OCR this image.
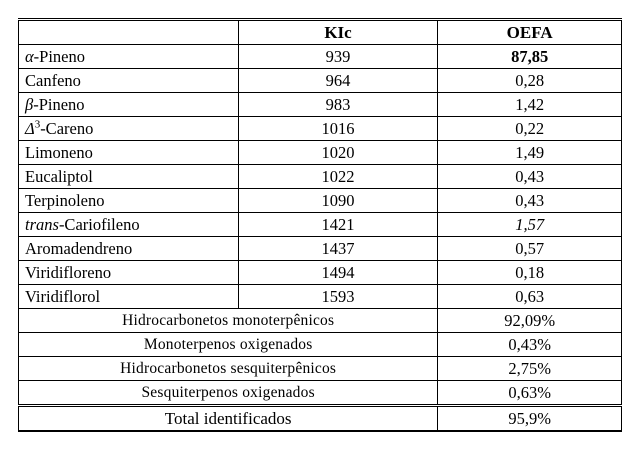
	KIc	OEFA
α-Pineno	939	87,85
Canfeno	964	0,28
β-Pineno	983	1,42
$\Delta^3$-Careno	1016	0,22
Limoneno	1020	1,49
Eucaliptol	1022	0,43
Terpinoleno	1090	0,43
trans-Cariofileno	1421	1,57
Aromadendreno	1437	0,57
Viridifloreno	1494	0,18
Viridiflorol	1593	0,63
Hidrocarbonetos monoterpênicos		92,09%
Monoterpenos oxigenados		0,43%
Hidrocarbonetos sesquiterpênicos		2,75%
Sesquiterpenos oxigenados		0,63%
Total identificados		95,9%
